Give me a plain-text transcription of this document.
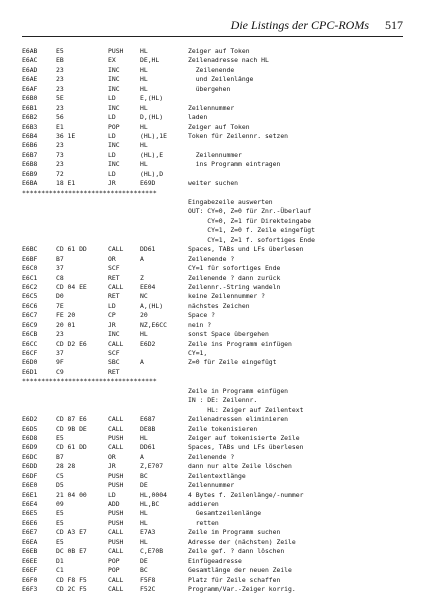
Die Listings der CPC-ROMs 517
E6AB	E5	PUSH	HL	Zeiger auf Token
E6AC	EB	EX	DE,HL	Zeilenadresse nach HL
E6AD	23	INC	HL	Zeilenende
E6AE	23	INC	HL	und Zeilenlänge
E6AF	23	INC	HL	übergehen
E6B0	5E	LD	E,(HL)
E6B1	23	INC	HL	Zeilennummer
E6B2	56	LD	D,(HL)	laden
E6B3	E1	POP	HL	Zeiger auf Token
E6B4	36 1E	LD	(HL),1E	Token für Zeilennr. setzen
E6B6	23	INC	HL
E6B7	73	LD	(HL),E	Zeilennummer
E6B8	23	INC	HL	ins Programm eintragen
E6B9	72	LD	(HL),D
E6BA	18 E1	JR	E69D	weiter suchen
***********************************
Eingabezeile auswerten
OUT: CY=0, Z=0 für Znr.-Überlauf
CY=0, Z=1 für Direkteingabe
CY=1, Z=0 f. Zeile eingefügt
CY=1, Z=1 f. sofortiges Ende
E6BC	CD 61 DD	CALL	DD61	Spaces, TABs und LFs überlesen
E6BF	B7	OR	A	Zeilenende ?
E6C0	37	SCF	CY=1 für sofortiges Ende
E6C1	C8	RET	Z	Zeilenende ? dann zurück
E6C2	CD 04 EE	CALL	EE04	Zeilennr.-String wandeln
E6C5	D0	RET	NC	keine Zeilennummer ?
E6C6	7E	LD	A,(HL)	nächstes Zeichen
E6C7	FE 20	CP	20	Space ?
E6C9	20 01	JR	NZ,E6CC	nein ?
E6CB	23	INC	HL	sonst Space übergehen
E6CC	CD D2 E6	CALL	E6D2	Zeile ins Programm einfügen
E6CF	37	SCF	CY=1,
E6D0	9F	SBC	A	Z=0 für Zeile eingefügt
E6D1	C9	RET
***********************************
Zeile in Programm einfügen
IN : DE: Zeilennr.
HL: Zeiger auf Zeilentext
E6D2	CD 87 E6	CALL	E687	Zeilenadressen eliminieren
E6D5	CD 9B DE	CALL	DE8B	Zeile tokenisieren
E6D8	E5	PUSH	HL	Zeiger auf tokenisierte Zeile
E6D9	CD 61 DD	CALL	DD61	Spaces, TABs und LFs überlesen
E6DC	B7	OR	A	Zeilenende ?
E6DD	28 28	JR	Z,E707	dann nur alte Zeile löschen
E6DF	C5	PUSH	BC	Zeilentextlänge
E6E0	D5	PUSH	DE	Zeilennummer
E6E1	21 04 00	LD	HL,0004	4 Bytes f. Zeilenlänge/-nummer
E6E4	09	ADD	HL,BC	addieren
E6E5	E5	PUSH	HL	Gesamtzeilenlänge
E6E6	E5	PUSH	HL	retten
E6E7	CD A3 E7	CALL	E7A3	Zeile im Programm suchen
E6EA	E5	PUSH	HL	Adresse der (nächsten) Zeile
E6EB	DC 0B E7	CALL	C,E70B	Zeile gef. ? dann löschen
E6EE	D1	POP	DE	Einfügeadresse
E6EF	C1	POP	BC	Gesamtlänge der neuen Zeile
E6F0	CD F8 F5	CALL	F5F8	Platz für Zeile schaffen
E6F3	CD 2C F5	CALL	F52C	Programm/Var.-Zeiger korrig.
